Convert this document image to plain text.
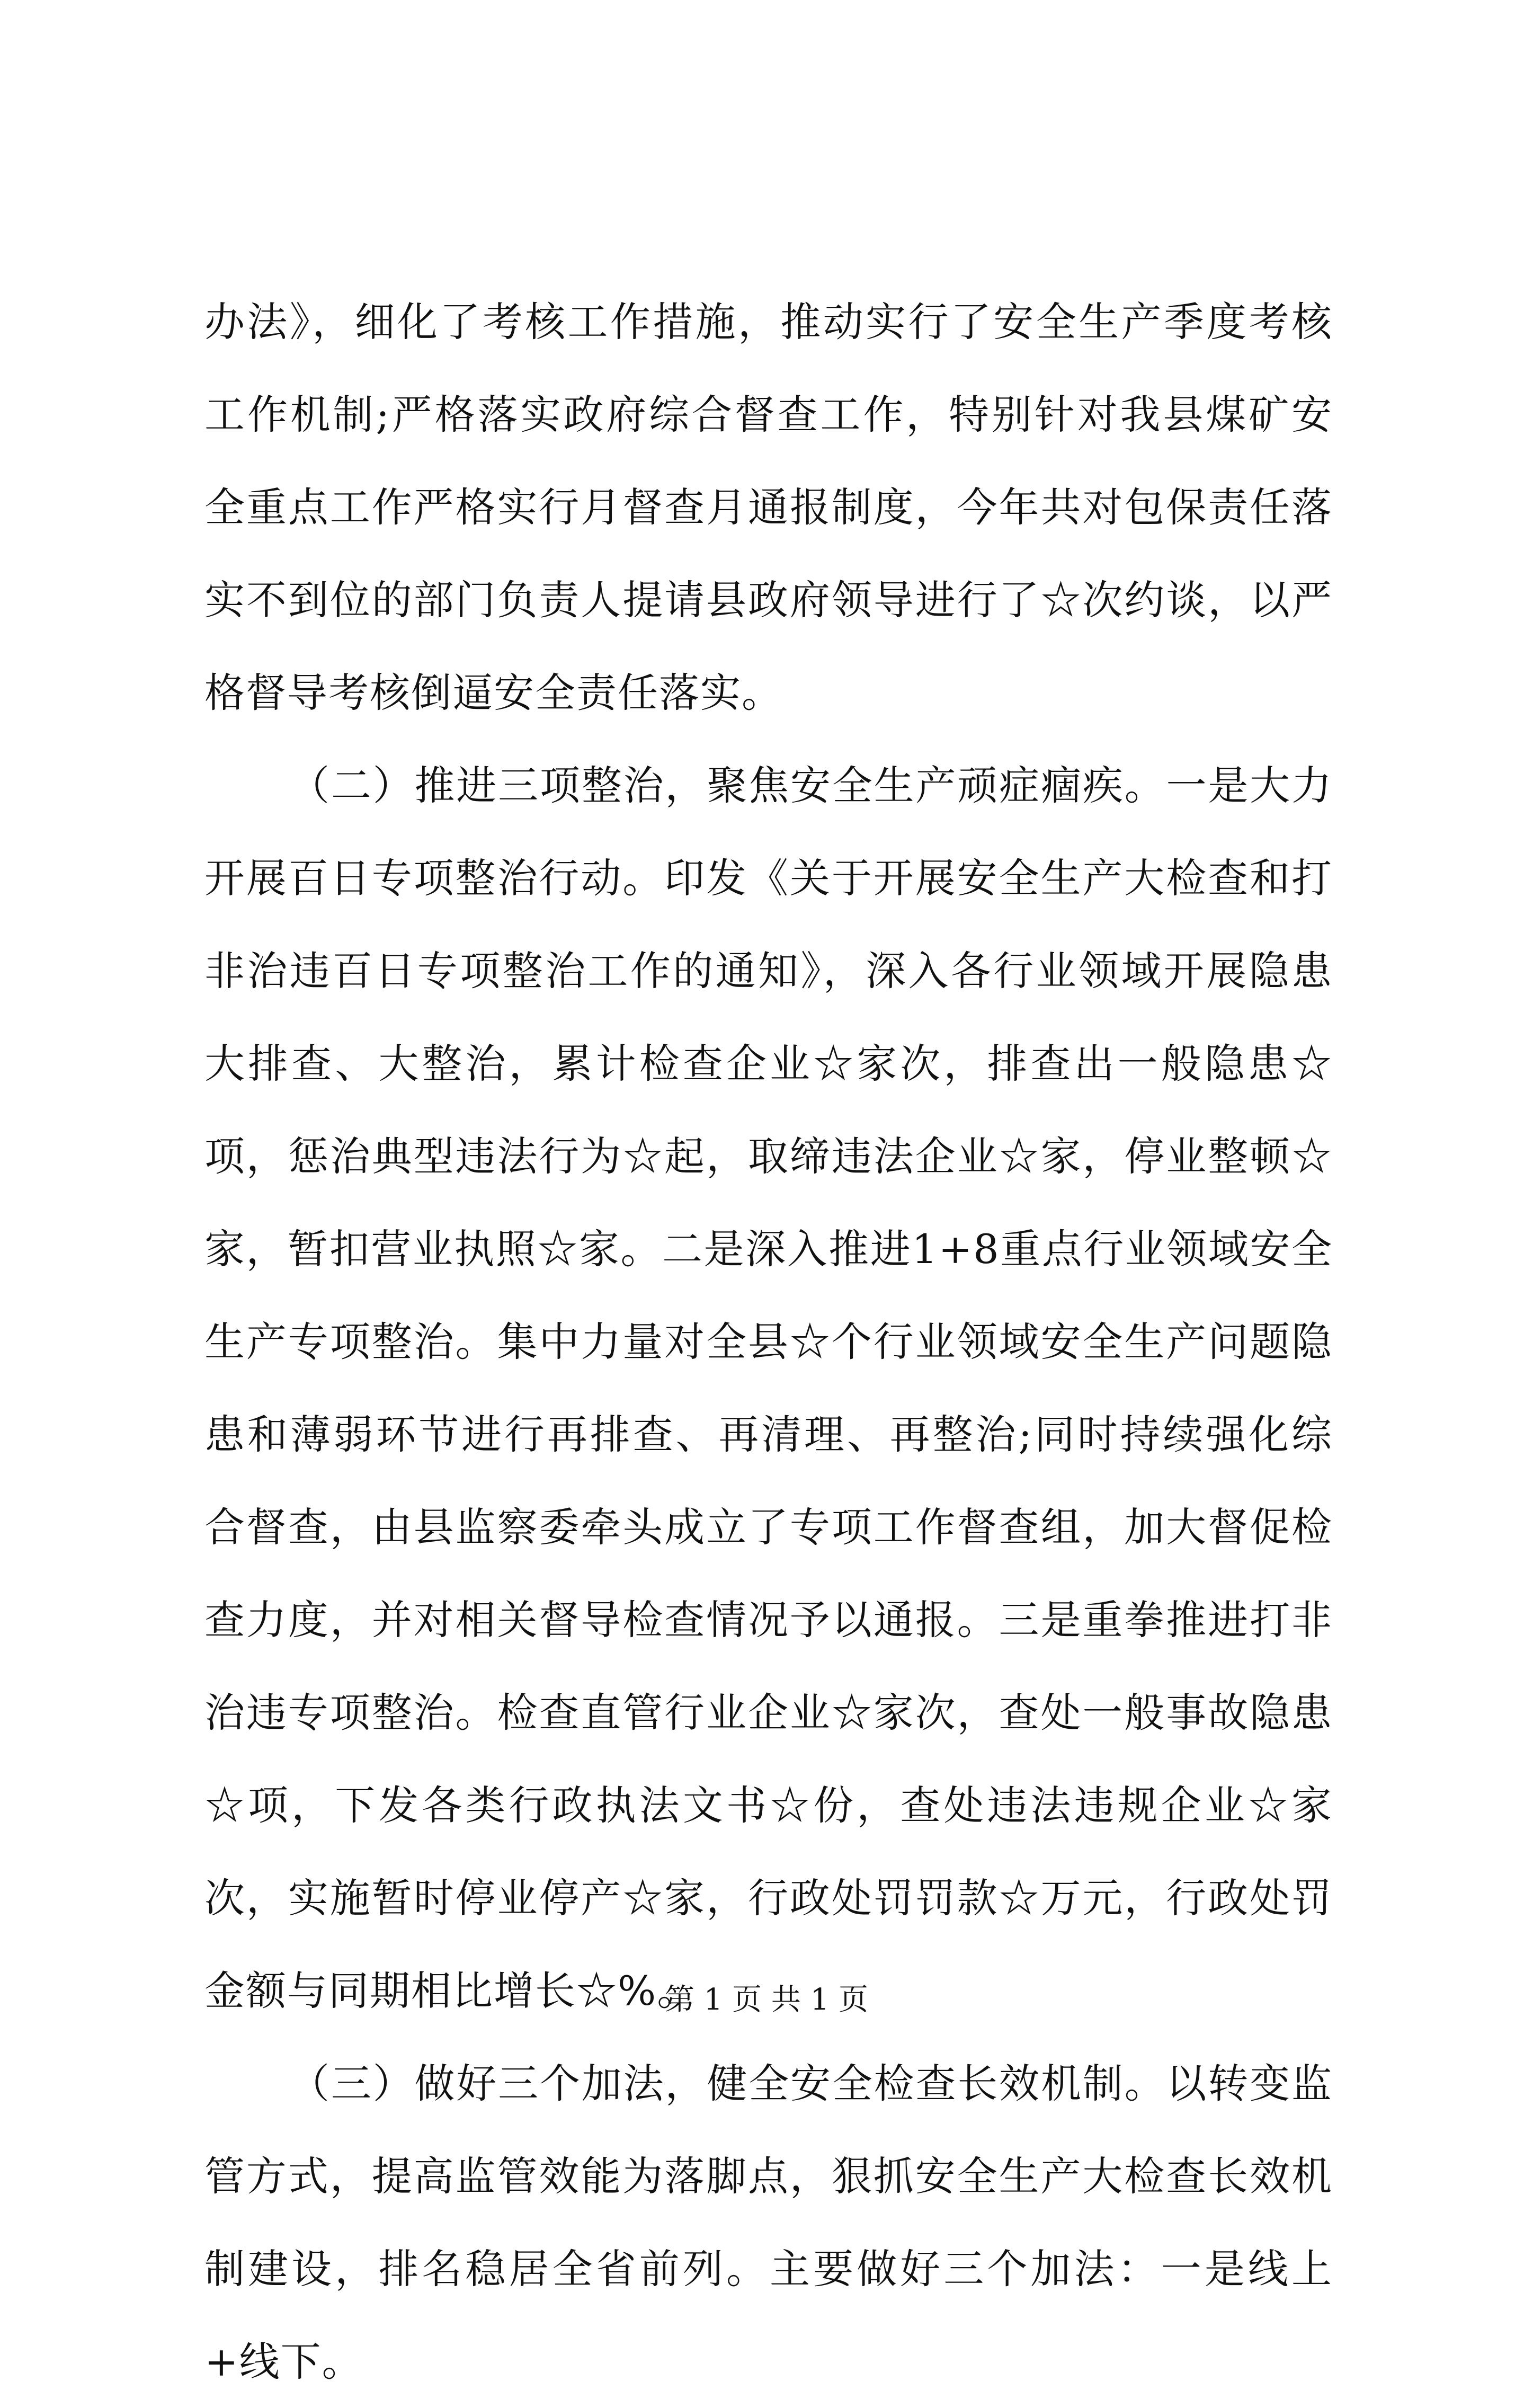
办法》，细化了考核工作措施，推动实行了安全生产季度考核工作机制;严格落实政府综合督查工作，特别针对我县煤矿安全重点工作严格实行月督查月通报制度，今年共对包保责任落实不到位的部门负责人提请县政府领导进行了☆次约谈，以严格督导考核倒逼安全责任落实。

（二）推进三项整治，聚焦安全生产顽症痼疾。一是大力开展百日专项整治行动。印发《关于开展安全生产大检查和打非治违百日专项整治工作的通知》，深入各行业领域开展隐患大排查、大整治，累计检查企业☆家次，排查出一般隐患☆项，惩治典型违法行为☆起，取缔违法企业☆家，停业整顿☆家，暂扣营业执照☆家。二是深入推进1+8重点行业领域安全生产专项整治。集中力量对全县☆个行业领域安全生产问题隐患和薄弱环节进行再排查、再清理、再整治;同时持续强化综合督查，由县监察委牵头成立了专项工作督查组，加大督促检查力度，并对相关督导检查情况予以通报。三是重拳推进打非治违专项整治。检查直管行业企业☆家次，查处一般事故隐患☆项，下发各类行政执法文书☆份，查处违法违规企业☆家次，实施暂时停业停产☆家，行政处罚罚款☆万元，行政处罚金额与同期相比增长☆%。

（三）做好三个加法，健全安全检查长效机制。以转变监管方式，提高监管效能为落脚点，狠抓安全生产大检查长效机制建设，排名稳居全省前列。主要做好三个加法：一是线上+线下。

第 1 页 共 1 页
